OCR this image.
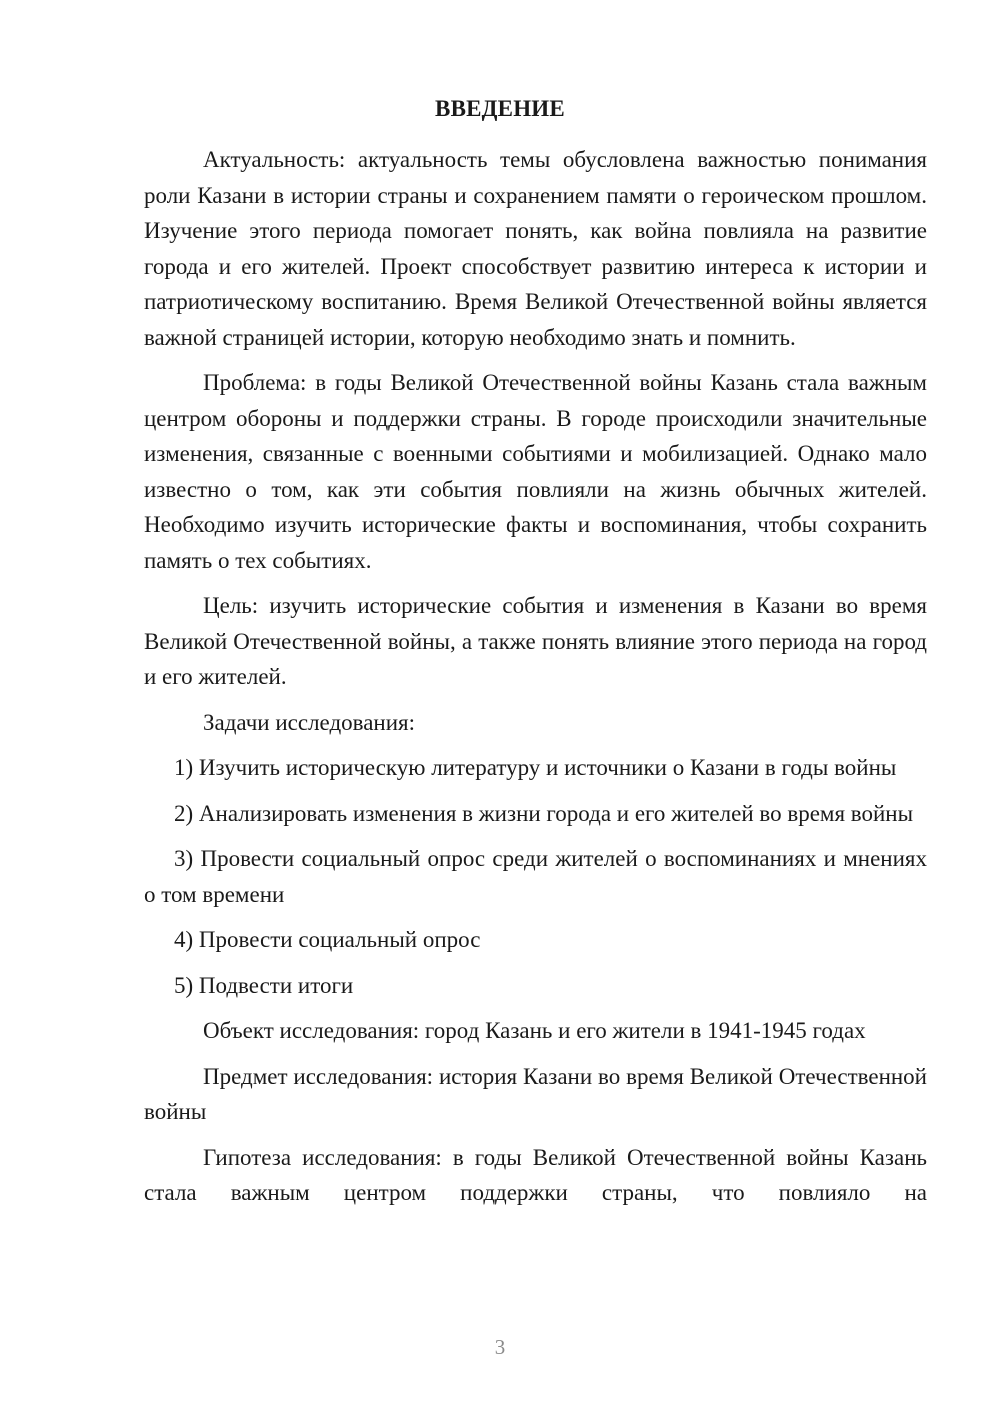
ВВЕДЕНИЕ

Актуальность: актуальность темы обусловлена важностью понимания роли Казани в истории страны и сохранением памяти о героическом прошлом. Изучение этого периода помогает понять, как война повлияла на развитие города и его жителей. Проект способствует развитию интереса к истории и патриотическому воспитанию. Время Великой Отечественной войны является важной страницей истории, которую необходимо знать и помнить.

Проблема: в годы Великой Отечественной войны Казань стала важным центром обороны и поддержки страны. В городе происходили значительные изменения, связанные с военными событиями и мобилизацией. Однако мало известно о том, как эти события повлияли на жизнь обычных жителей. Необходимо изучить исторические факты и воспоминания, чтобы сохранить память о тех событиях.

Цель: изучить исторические события и изменения в Казани во время Великой Отечественной войны, а также понять влияние этого периода на город и его жителей.

Задачи исследования:

1) Изучить историческую литературу и источники о Казани в годы войны

2) Анализировать изменения в жизни города и его жителей во время войны

3) Провести социальный опрос среди жителей о воспоминаниях и мнениях о том времени

4) Провести социальный опрос

5) Подвести итоги

Объект исследования: город Казань и его жители в 1941-1945 годах

Предмет исследования: история Казани во время Великой Отечественной войны

Гипотеза исследования: в годы Великой Отечественной войны Казань стала важным центром поддержки страны, что повлияло на

3
